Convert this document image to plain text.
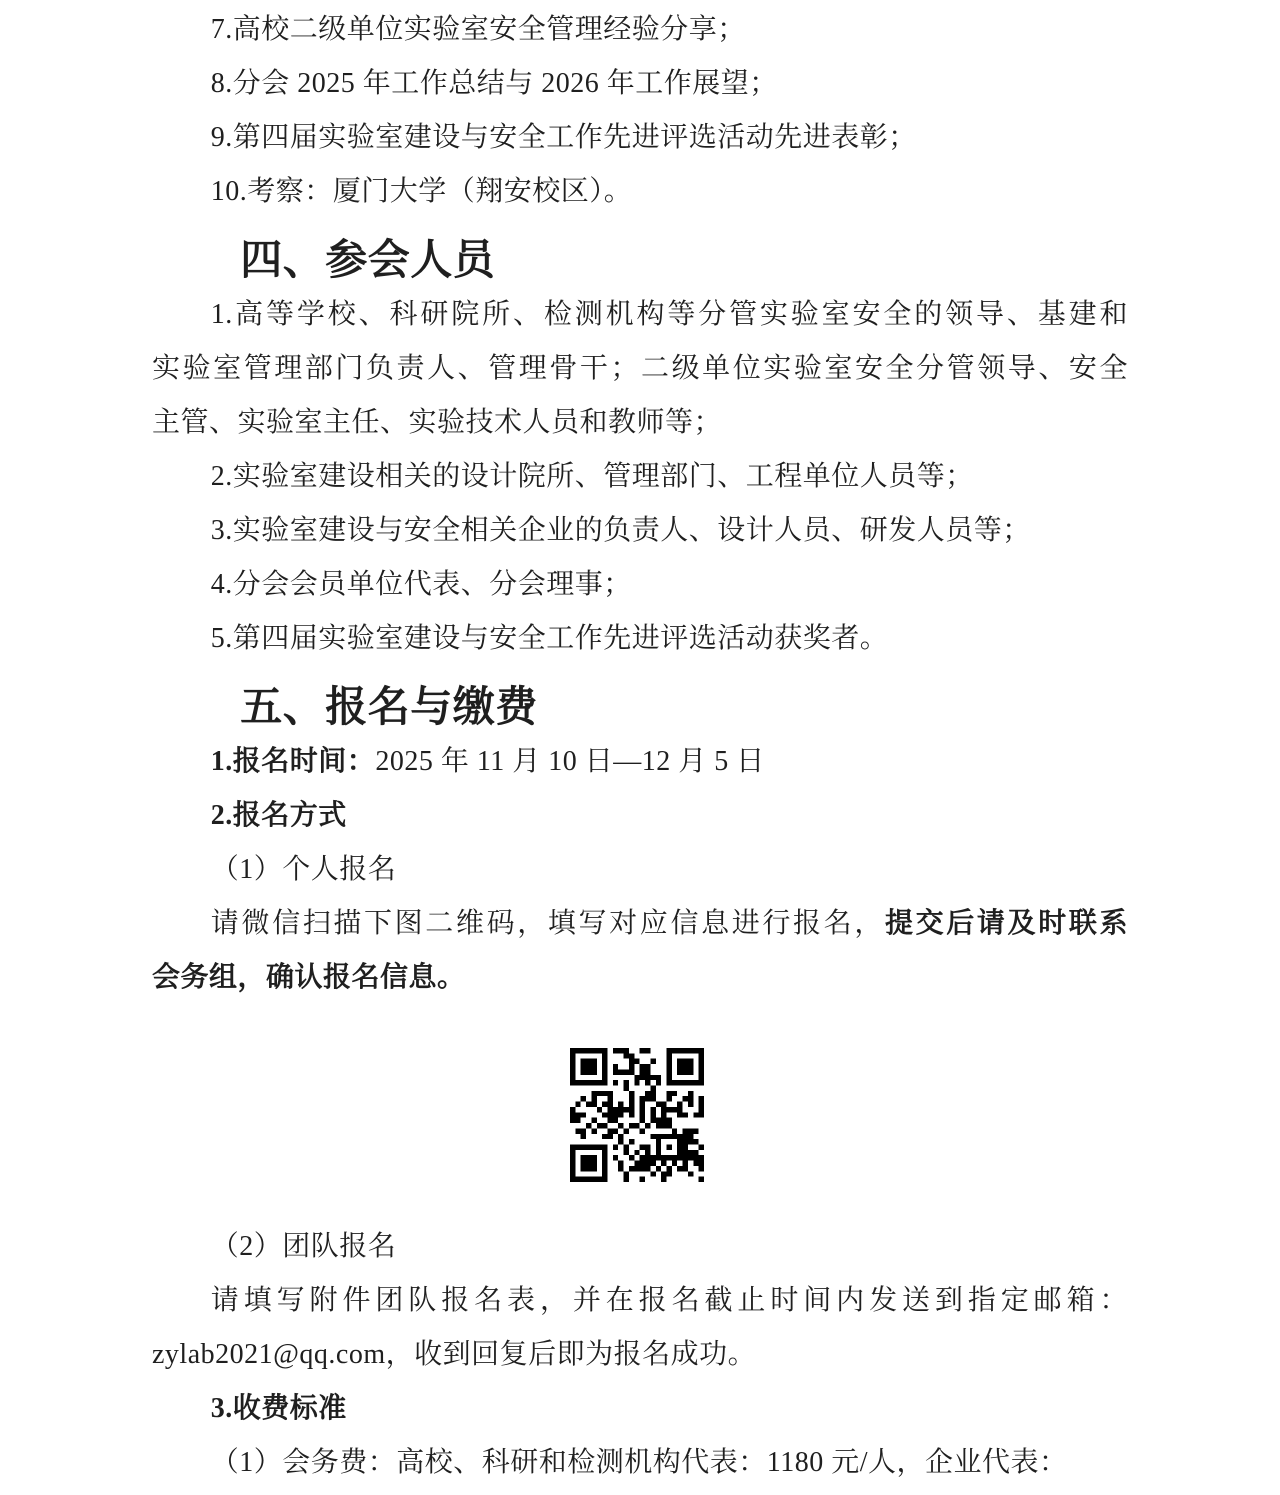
7.高校二级单位实验室安全管理经验分享；

8.分会 2025 年工作总结与 2026 年工作展望；

9.第四届实验室建设与安全工作先进评选活动先进表彰；

10.考察：厦门大学（翔安校区）。

四、参会人员

1.高等学校、科研院所、检测机构等分管实验室安全的领导、基建和

实验室管理部门负责人、管理骨干；二级单位实验室安全分管领导、安全

主管、实验室主任、实验技术人员和教师等；

2.实验室建设相关的设计院所、管理部门、工程单位人员等；

3.实验室建设与安全相关企业的负责人、设计人员、研发人员等；

4.分会会员单位代表、分会理事；

5.第四届实验室建设与安全工作先进评选活动获奖者。

五、报名与缴费

1.报名时间：2025 年 11 月 10 日—12 月 5 日

2.报名方式

（1）个人报名

请微信扫描下图二维码，填写对应信息进行报名，提交后请及时联系

会务组，确认报名信息。

（2）团队报名

请填写附件团队报名表，并在报名截止时间内发送到指定邮箱：

zylab2021@qq.com，收到回复后即为报名成功。

3.收费标准

（1）会务费：高校、科研和检测机构代表：1180 元/人，企业代表：
